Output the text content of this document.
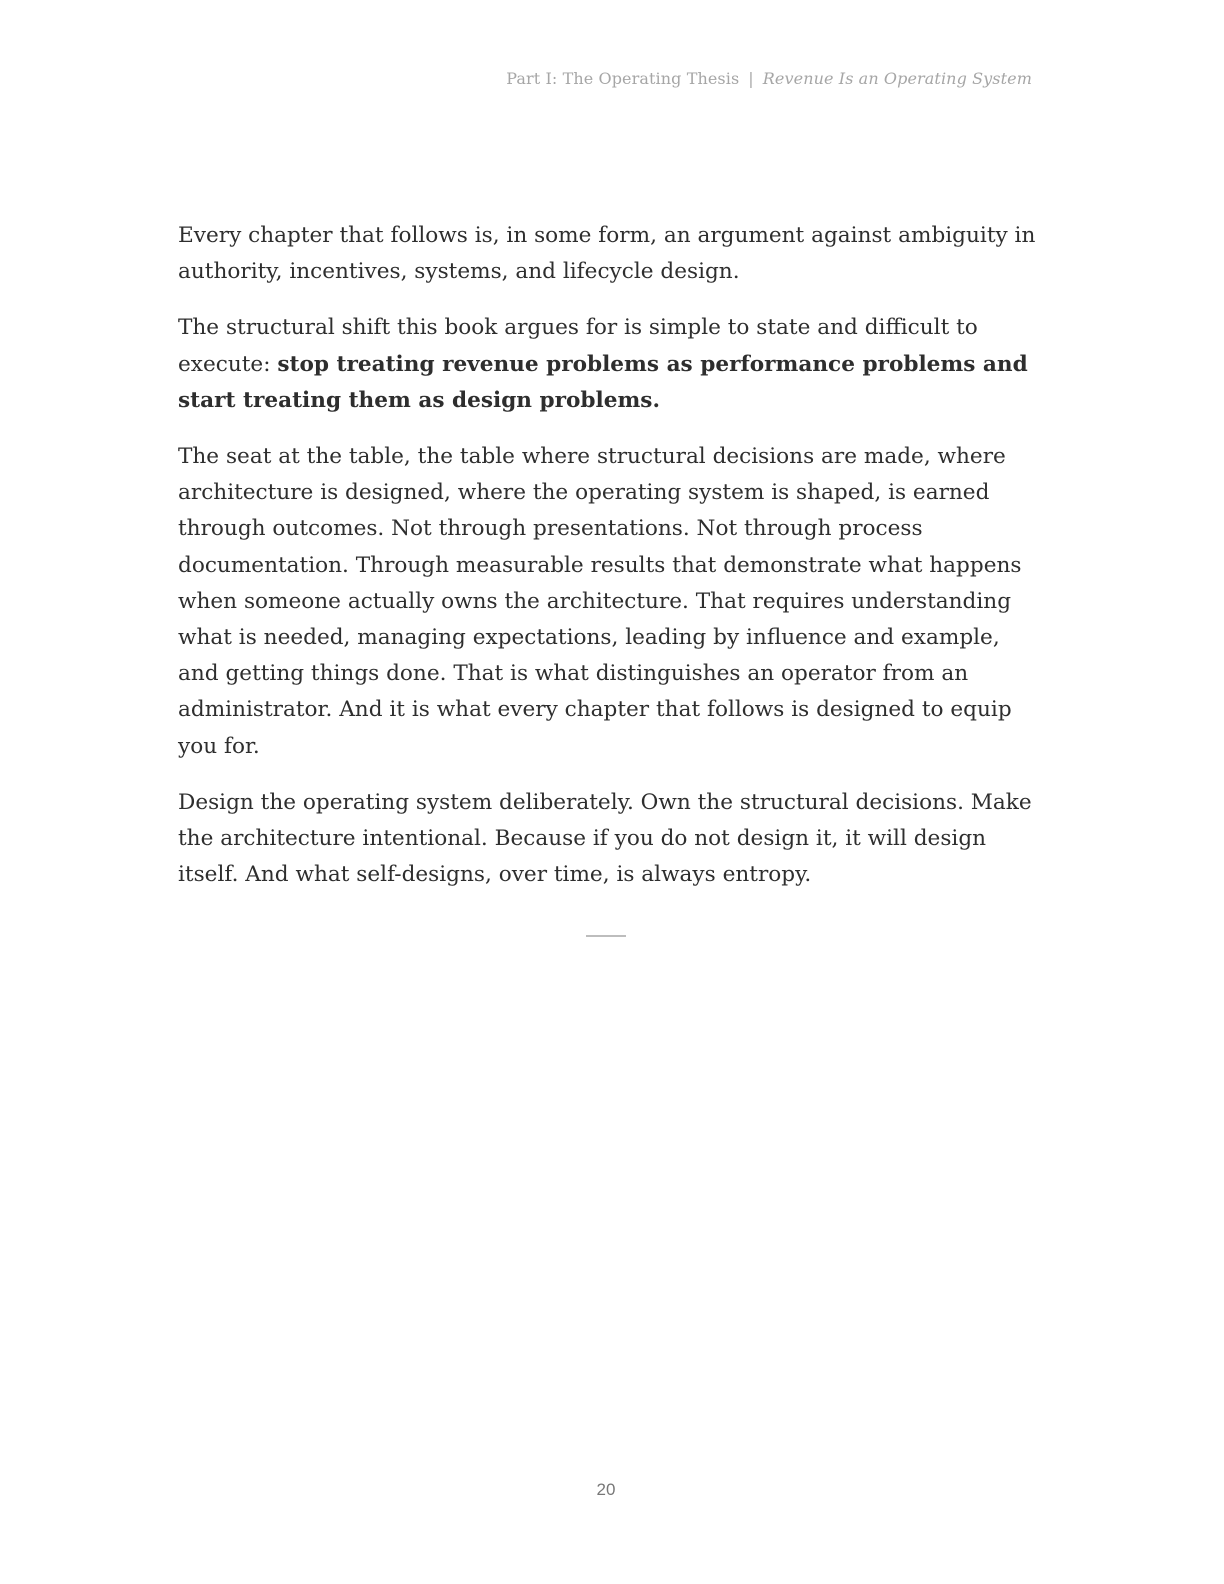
Part I: The Operating Thesis | Revenue Is an Operating System

Every chapter that follows is, in some form, an argument against ambiguity in authority, incentives, systems, and lifecycle design.

The structural shift this book argues for is simple to state and difficult to execute: stop treating revenue problems as performance problems and start treating them as design problems.

The seat at the table, the table where structural decisions are made, where architecture is designed, where the operating system is shaped, is earned through outcomes. Not through presentations. Not through process documentation. Through measurable results that demonstrate what happens when someone actually owns the architecture. That requires understanding what is needed, managing expectations, leading by influence and example, and getting things done. That is what distinguishes an operator from an administrator. And it is what every chapter that follows is designed to equip you for.

Design the operating system deliberately. Own the structural decisions. Make the architecture intentional. Because if you do not design it, it will design itself. And what self-designs, over time, is always entropy.

20
